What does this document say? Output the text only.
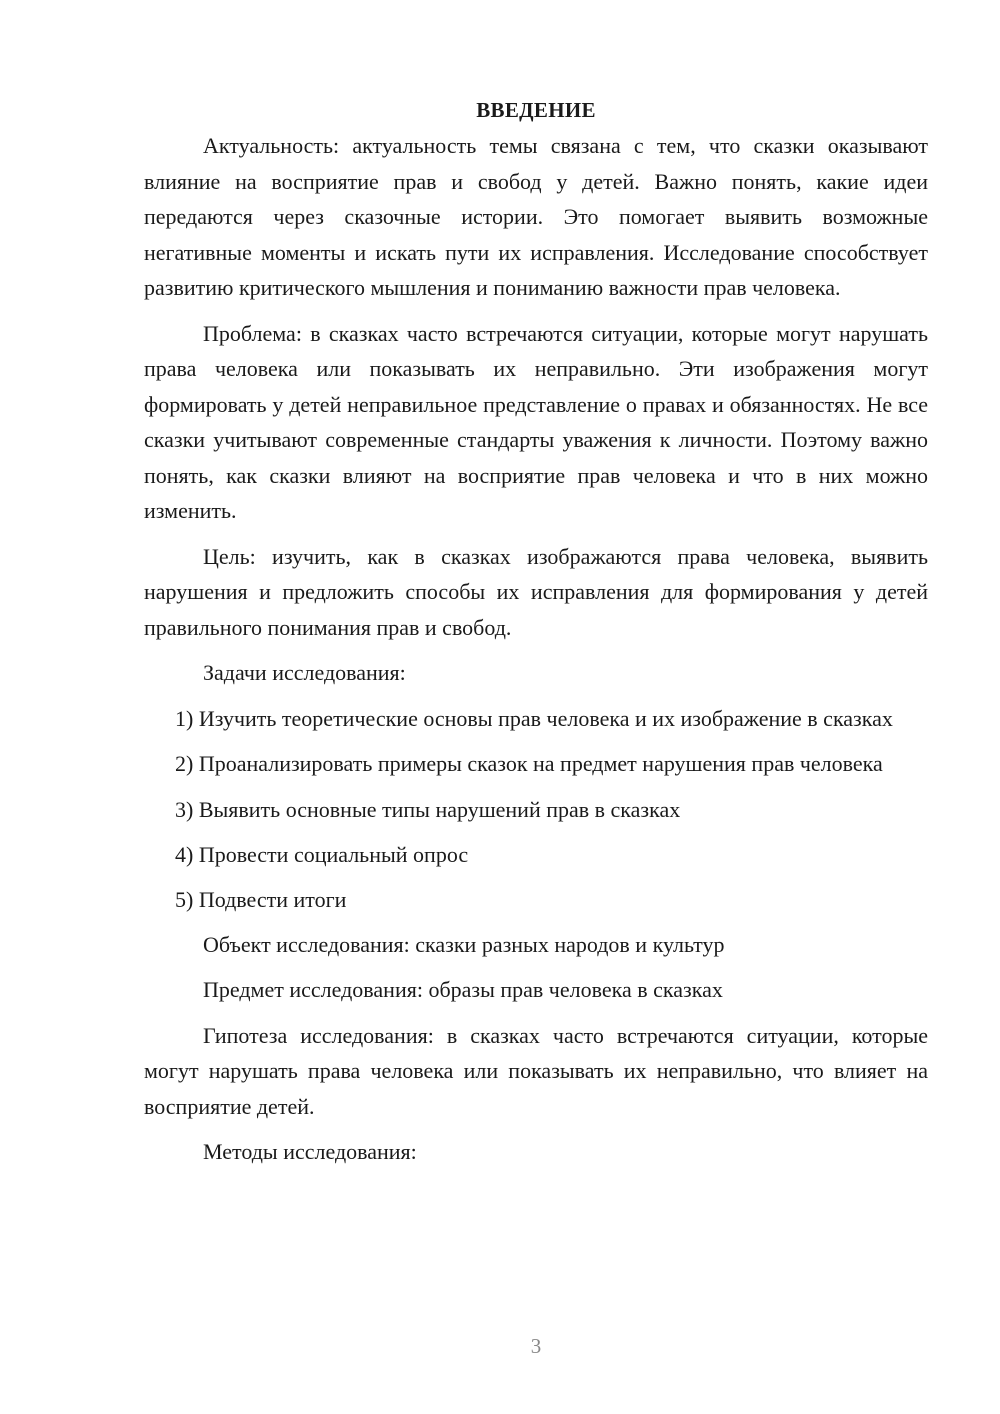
ВВЕДЕНИЕ

Актуальность: актуальность темы связана с тем, что сказки оказывают влияние на восприятие прав и свобод у детей. Важно понять, какие идеи передаются через сказочные истории. Это помогает выявить возможные негативные моменты и искать пути их исправления. Исследование способствует развитию критического мышления и пониманию важности прав человека.

Проблема: в сказках часто встречаются ситуации, которые могут нарушать права человека или показывать их неправильно. Эти изображения могут формировать у детей неправильное представление о правах и обязанностях. Не все сказки учитывают современные стандарты уважения к личности. Поэтому важно понять, как сказки влияют на восприятие прав человека и что в них можно изменить.

Цель: изучить, как в сказках изображаются права человека, выявить нарушения и предложить способы их исправления для формирования у детей правильного понимания прав и свобод.

Задачи исследования:

1) Изучить теоретические основы прав человека и их изображение в сказках

2) Проанализировать примеры сказок на предмет нарушения прав человека

3) Выявить основные типы нарушений прав в сказках

4) Провести социальный опрос

5) Подвести итоги

Объект исследования: сказки разных народов и культур

Предмет исследования: образы прав человека в сказках

Гипотеза исследования: в сказках часто встречаются ситуации, которые могут нарушать права человека или показывать их неправильно, что влияет на восприятие детей.

Методы исследования:

3
